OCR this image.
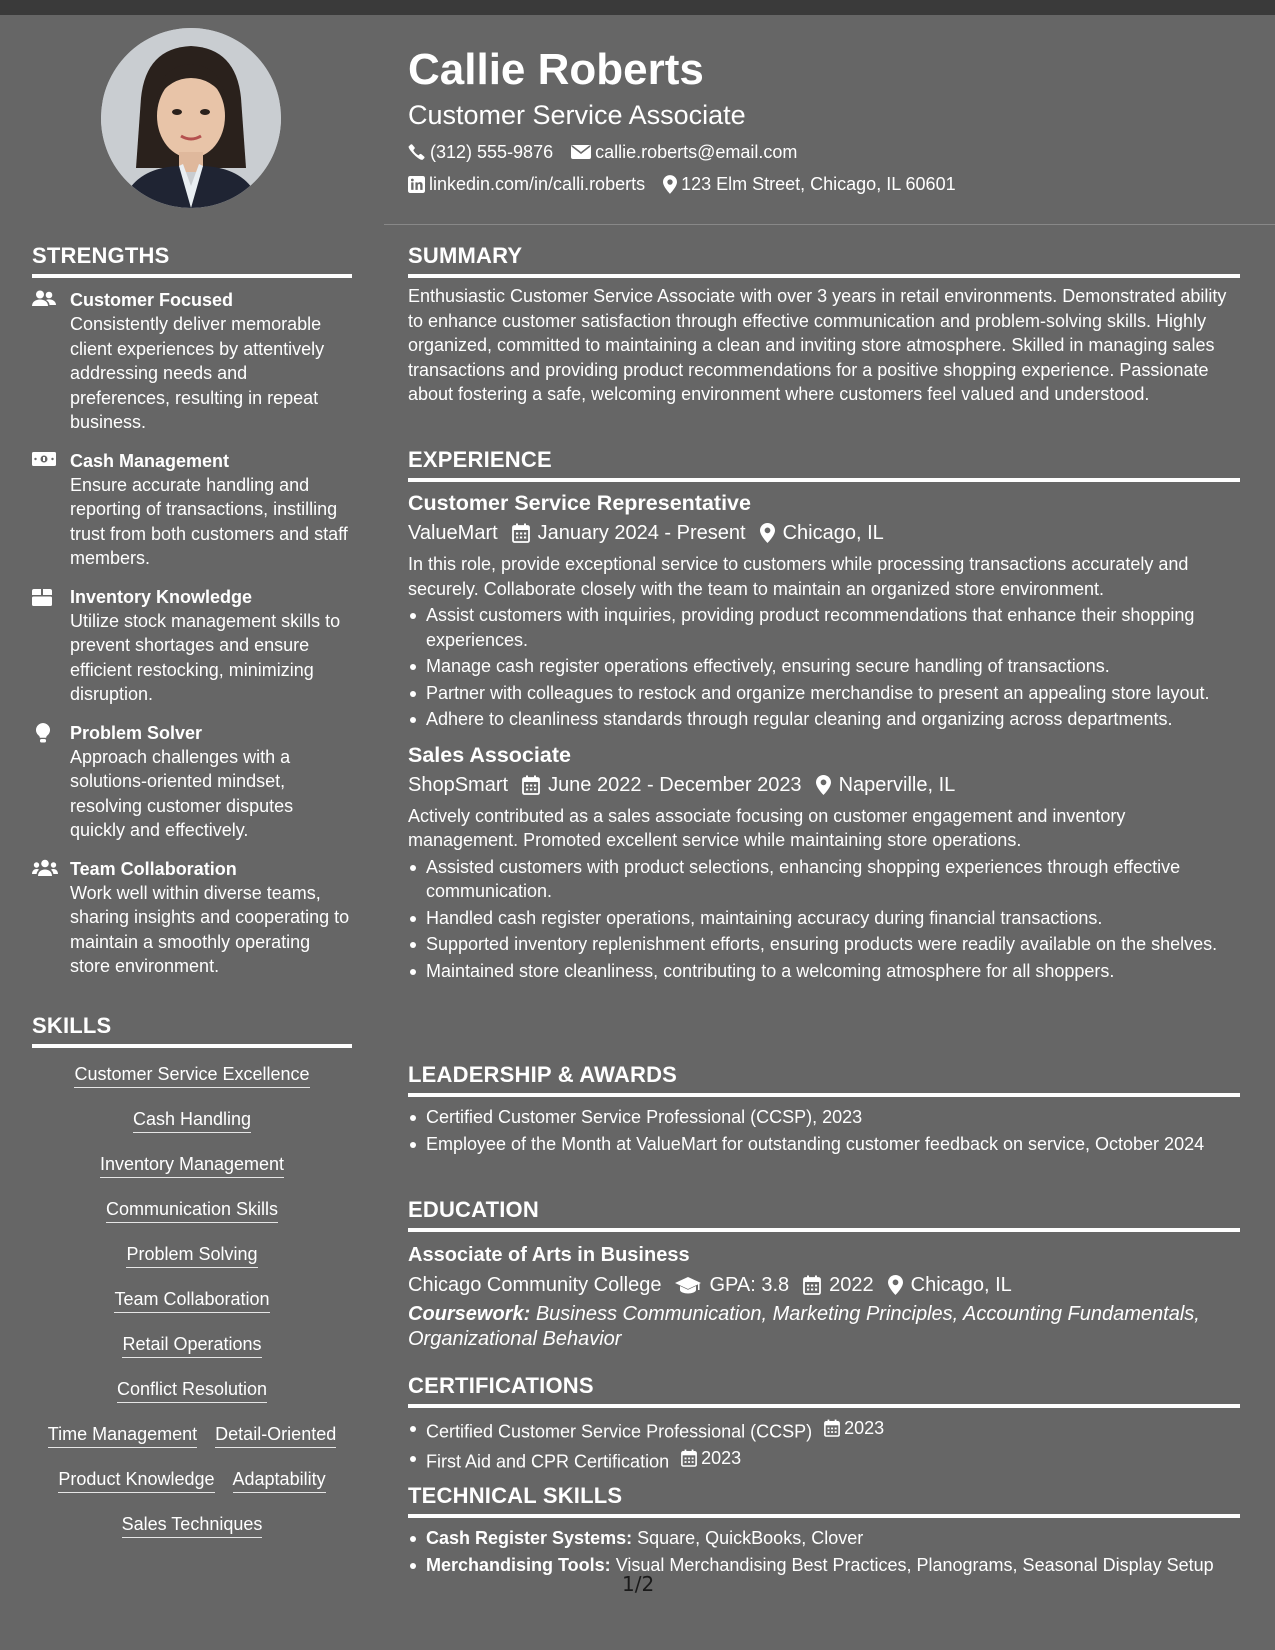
Callie Roberts
Customer Service Associate
(312) 555-9876 callie.roberts@email.com
linkedin.com/in/calli.roberts 123 Elm Street, Chicago, IL 60601
STRENGTHS
Customer Focused
Consistently deliver memorable client experiences by attentively addressing needs and preferences, resulting in repeat business.
Cash Management
Ensure accurate handling and reporting of transactions, instilling trust from both customers and staff members.
Inventory Knowledge
Utilize stock management skills to prevent shortages and ensure efficient restocking, minimizing disruption.
Problem Solver
Approach challenges with a solutions-oriented mindset, resolving customer disputes quickly and effectively.
Team Collaboration
Work well within diverse teams, sharing insights and cooperating to maintain a smoothly operating store environment.
SKILLS
Customer Service Excellence
Cash Handling
Inventory Management
Communication Skills
Problem Solving
Team Collaboration
Retail Operations
Conflict Resolution
Time Management Detail-Oriented
Product Knowledge Adaptability
Sales Techniques
SUMMARY
Enthusiastic Customer Service Associate with over 3 years in retail environments. Demonstrated ability to enhance customer satisfaction through effective communication and problem-solving skills. Highly organized, committed to maintaining a clean and inviting store atmosphere. Skilled in managing sales transactions and providing product recommendations for a positive shopping experience. Passionate about fostering a safe, welcoming environment where customers feel valued and understood.
EXPERIENCE
Customer Service Representative
ValueMart January 2024 - Present Chicago, IL
In this role, provide exceptional service to customers while processing transactions accurately and securely. Collaborate closely with the team to maintain an organized store environment.
Assist customers with inquiries, providing product recommendations that enhance their shopping experiences.
Manage cash register operations effectively, ensuring secure handling of transactions.
Partner with colleagues to restock and organize merchandise to present an appealing store layout.
Adhere to cleanliness standards through regular cleaning and organizing across departments.
Sales Associate
ShopSmart June 2022 - December 2023 Naperville, IL
Actively contributed as a sales associate focusing on customer engagement and inventory management. Promoted excellent service while maintaining store operations.
Assisted customers with product selections, enhancing shopping experiences through effective communication.
Handled cash register operations, maintaining accuracy during financial transactions.
Supported inventory replenishment efforts, ensuring products were readily available on the shelves.
Maintained store cleanliness, contributing to a welcoming atmosphere for all shoppers.
LEADERSHIP & AWARDS
Certified Customer Service Professional (CCSP), 2023
Employee of the Month at ValueMart for outstanding customer feedback on service, October 2024
EDUCATION
Associate of Arts in Business
Chicago Community College GPA: 3.8 2022 Chicago, IL
Coursework: Business Communication, Marketing Principles, Accounting Fundamentals, Organizational Behavior
CERTIFICATIONS
Certified Customer Service Professional (CCSP) 2023
First Aid and CPR Certification 2023
TECHNICAL SKILLS
Cash Register Systems: Square, QuickBooks, Clover
Merchandising Tools: Visual Merchandising Best Practices, Planograms, Seasonal Display Setup
1/2
